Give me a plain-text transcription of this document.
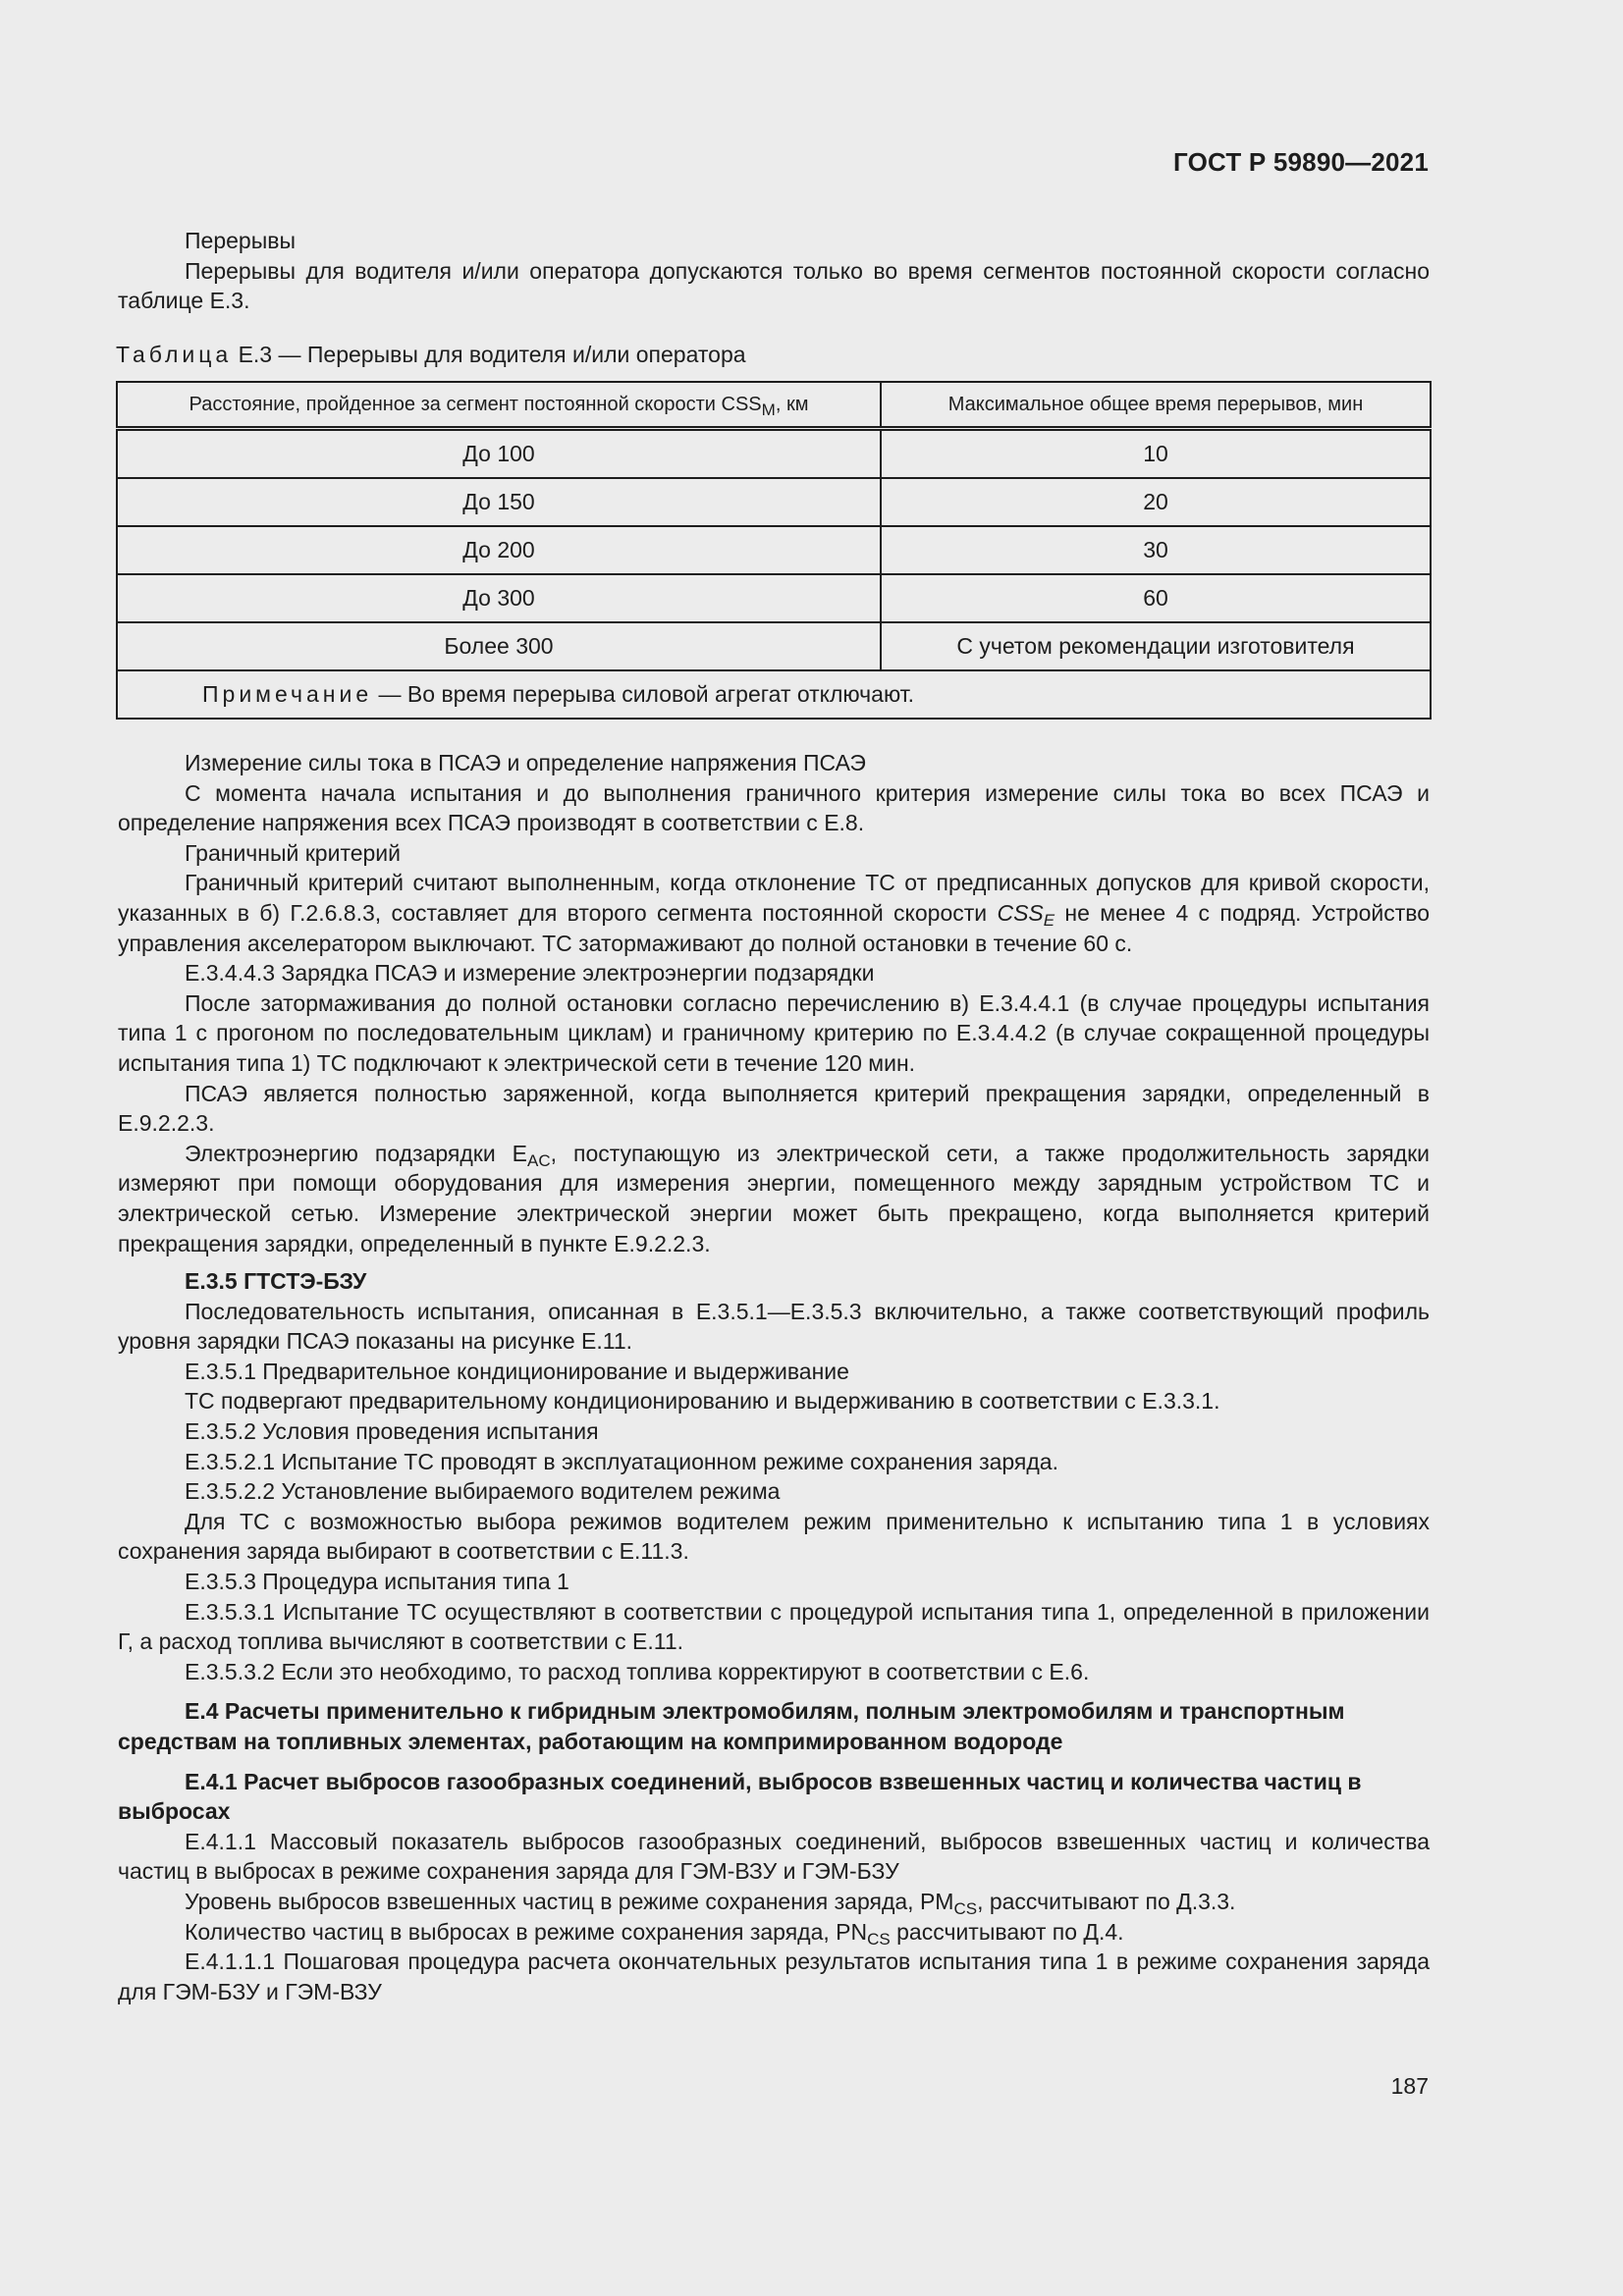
ГОСТ Р 59890—2021

Перерывы

Перерывы для водителя и/или оператора допускаются только во время сегментов постоянной скорости согласно таблице Е.3.

Таблица Е.3 — Перерывы для водителя и/или оператора
Расстояние, пройденное за сегмент постоянной скорости $CSS_M$, км	Максимальное общее время перерывов, мин
До 100	10
До 150	20
До 200	30
До 300	60
Более 300	С учетом рекомендации изготовителя
Примечание — Во время перерыва силовой агрегат отключают.	

Измерение силы тока в ПСАЭ и определение напряжения ПСАЭ

С момента начала испытания и до выполнения граничного критерия измерение силы тока во всех ПСАЭ и определение напряжения всех ПСАЭ производят в соответствии с Е.8.

Граничный критерий

Граничный критерий считают выполненным, когда отклонение ТС от предписанных допусков для кривой скорости, указанных в б) Г.2.6.8.3, составляет для второго сегмента постоянной скорости $CSS_E$ не менее 4 с подряд. Устройство управления акселератором выключают. ТС затормаживают до полной остановки в течение 60 с.

Е.3.4.4.3 Зарядка ПСАЭ и измерение электроэнергии подзарядки

После затормаживания до полной остановки согласно перечислению в) Е.3.4.4.1 (в случае процедуры испытания типа 1 с прогоном по последовательным циклам) и граничному критерию по Е.3.4.4.2 (в случае сокращенной процедуры испытания типа 1) ТС подключают к электрической сети в течение 120 мин.

ПСАЭ является полностью заряженной, когда выполняется критерий прекращения зарядки, определенный в Е.9.2.2.3.

Электроэнергию подзарядки $E_{AC}$, поступающую из электрической сети, а также продолжительность зарядки измеряют при помощи оборудования для измерения энергии, помещенного между зарядным устройством ТС и электрической сетью. Измерение электрической энергии может быть прекращено, когда выполняется критерий прекращения зарядки, определенный в пункте Е.9.2.2.3.

Е.3.5 ГТСТЭ-БЗУ

Последовательность испытания, описанная в Е.3.5.1—Е.3.5.3 включительно, а также соответствующий профиль уровня зарядки ПСАЭ показаны на рисунке Е.11.

Е.3.5.1 Предварительное кондиционирование и выдерживание

ТС подвергают предварительному кондиционированию и выдерживанию в соответствии с Е.3.3.1.

Е.3.5.2 Условия проведения испытания

Е.3.5.2.1 Испытание ТС проводят в эксплуатационном режиме сохранения заряда.

Е.3.5.2.2 Установление выбираемого водителем режима

Для ТС с возможностью выбора режимов водителем режим применительно к испытанию типа 1 в условиях сохранения заряда выбирают в соответствии с Е.11.3.

Е.3.5.3 Процедура испытания типа 1

Е.3.5.3.1 Испытание ТС осуществляют в соответствии с процедурой испытания типа 1, определенной в приложении Г, а расход топлива вычисляют в соответствии с Е.11.

Е.3.5.3.2 Если это необходимо, то расход топлива корректируют в соответствии с Е.6.

Е.4 Расчеты применительно к гибридным электромобилям, полным электромобилям и транспортным средствам на топливных элементах, работающим на компримированном водороде

Е.4.1 Расчет выбросов газообразных соединений, выбросов взвешенных частиц и количества частиц в выбросах

Е.4.1.1 Массовый показатель выбросов газообразных соединений, выбросов взвешенных частиц и количества частиц в выбросах в режиме сохранения заряда для ГЭМ-ВЗУ и ГЭМ-БЗУ

Уровень выбросов взвешенных частиц в режиме сохранения заряда, $PM_{CS}$, рассчитывают по Д.3.3.

Количество частиц в выбросах в режиме сохранения заряда, $PN_{CS}$ рассчитывают по Д.4.

Е.4.1.1.1 Пошаговая процедура расчета окончательных результатов испытания типа 1 в режиме сохранения заряда для ГЭМ-БЗУ и ГЭМ-ВЗУ

187
